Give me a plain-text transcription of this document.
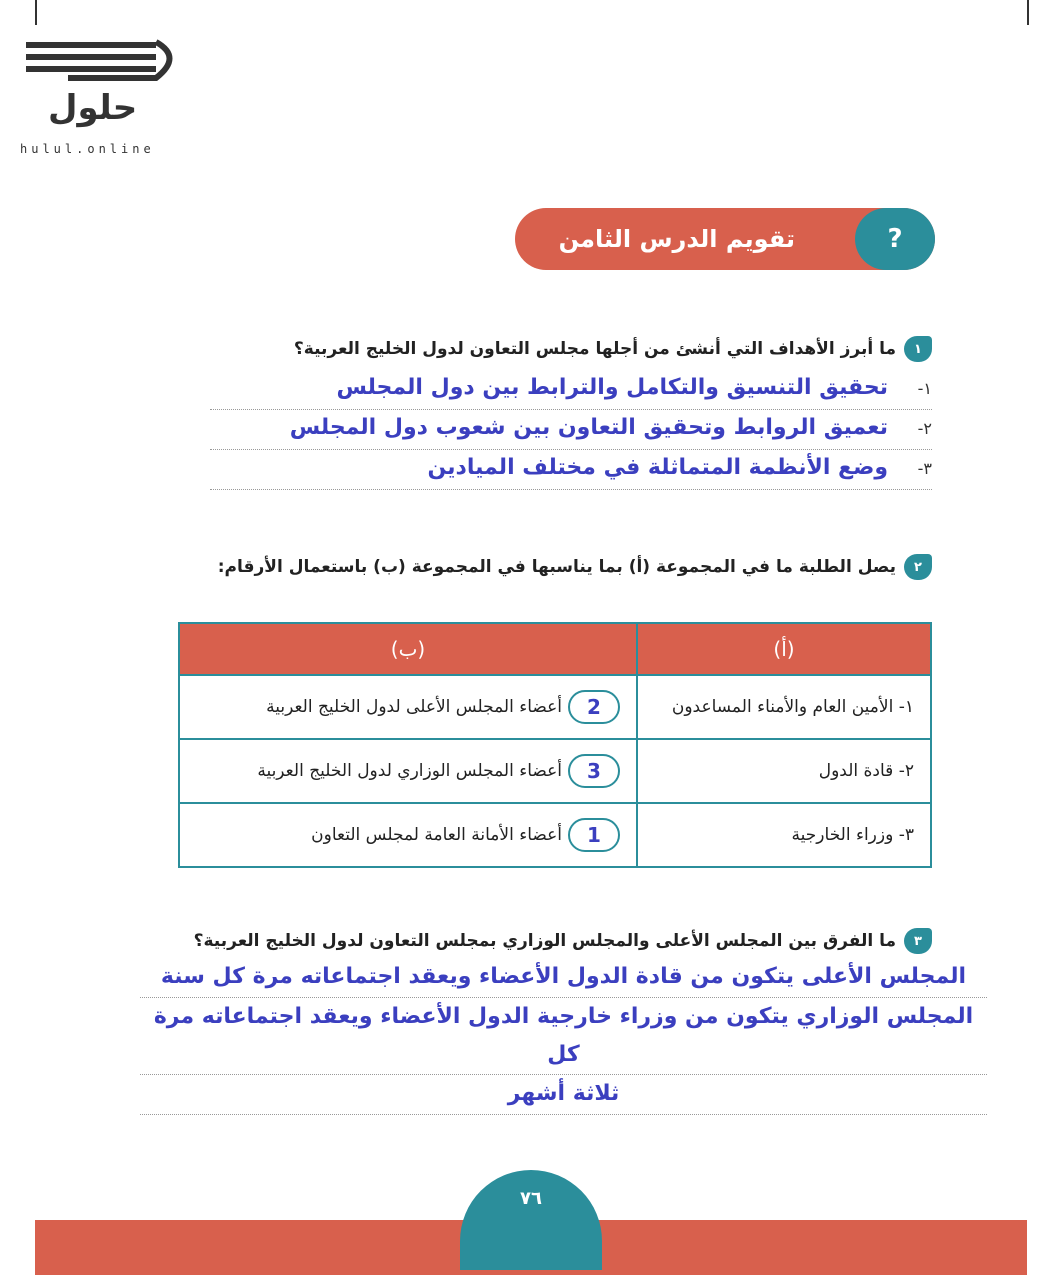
حلول
hulul.online
تقويم الدرس الثامن	?
١
ما أبرز الأهداف التي أنشئ من أجلها مجلس التعاون لدول الخليج العربية؟
١-
تحقيق التنسيق والتكامل والترابط بين دول المجلس
٢-
تعميق الروابط وتحقيق التعاون بين شعوب دول المجلس
٣-
وضع الأنظمة المتماثلة في مختلف الميادين
٢
يصل الطلبة ما في المجموعة (أ) بما يناسبها في المجموعة (ب) باستعمال الأرقام:
(أ)	(ب)
١- الأمين العام والأمناء المساعدون	2أعضاء المجلس الأعلى لدول الخليج العربية
٢- قادة الدول	3أعضاء المجلس الوزاري لدول الخليج العربية
٣- وزراء الخارجية	1أعضاء الأمانة العامة لمجلس التعاون
٣
ما الفرق بين المجلس الأعلى والمجلس الوزاري بمجلس التعاون لدول الخليج العربية؟
المجلس الأعلى يتكون من قادة الدول الأعضاء ويعقد اجتماعاته مرة كل سنة
المجلس الوزاري يتكون من وزراء خارجية الدول الأعضاء ويعقد اجتماعاته مرة كل
ثلاثة أشهر
٧٦
